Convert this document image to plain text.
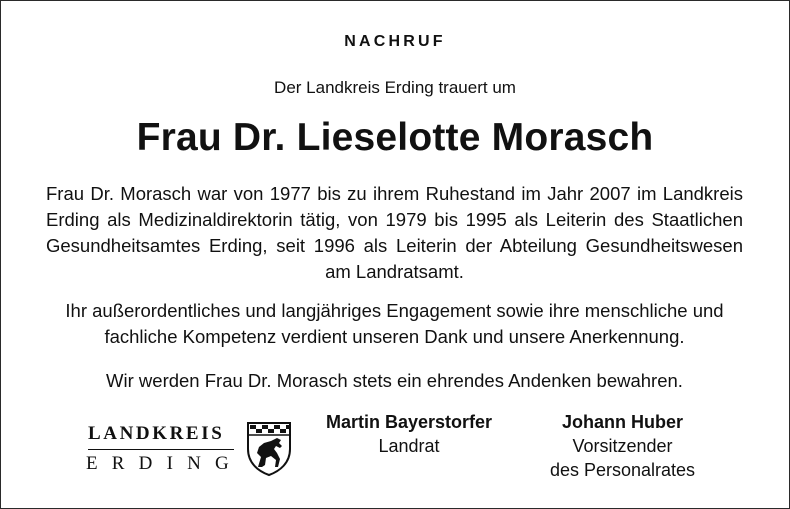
NACHRUF
Der Landkreis Erding trauert um
Frau Dr. Lieselotte Morasch
Frau Dr. Morasch war von 1977 bis zu ihrem Ruhestand im Jahr 2007 im Landkreis Erding als Medizinaldirektorin tätig, von 1979 bis 1995 als Leiterin des Staatlichen Gesundheitsamtes Erding, seit 1996 als Leiterin der Abteilung Gesundheitswesen am Landratsamt.
Ihr außerordentliches und langjähriges Engagement sowie ihre menschliche und fachliche Kompetenz verdient unseren Dank und unsere Anerkennung.
Wir werden Frau Dr. Morasch stets ein ehrendes Andenken bewahren.
LANDKREIS
ERDING
Martin Bayerstorfer
Landrat
Johann Huber
Vorsitzender
des Personalrates
